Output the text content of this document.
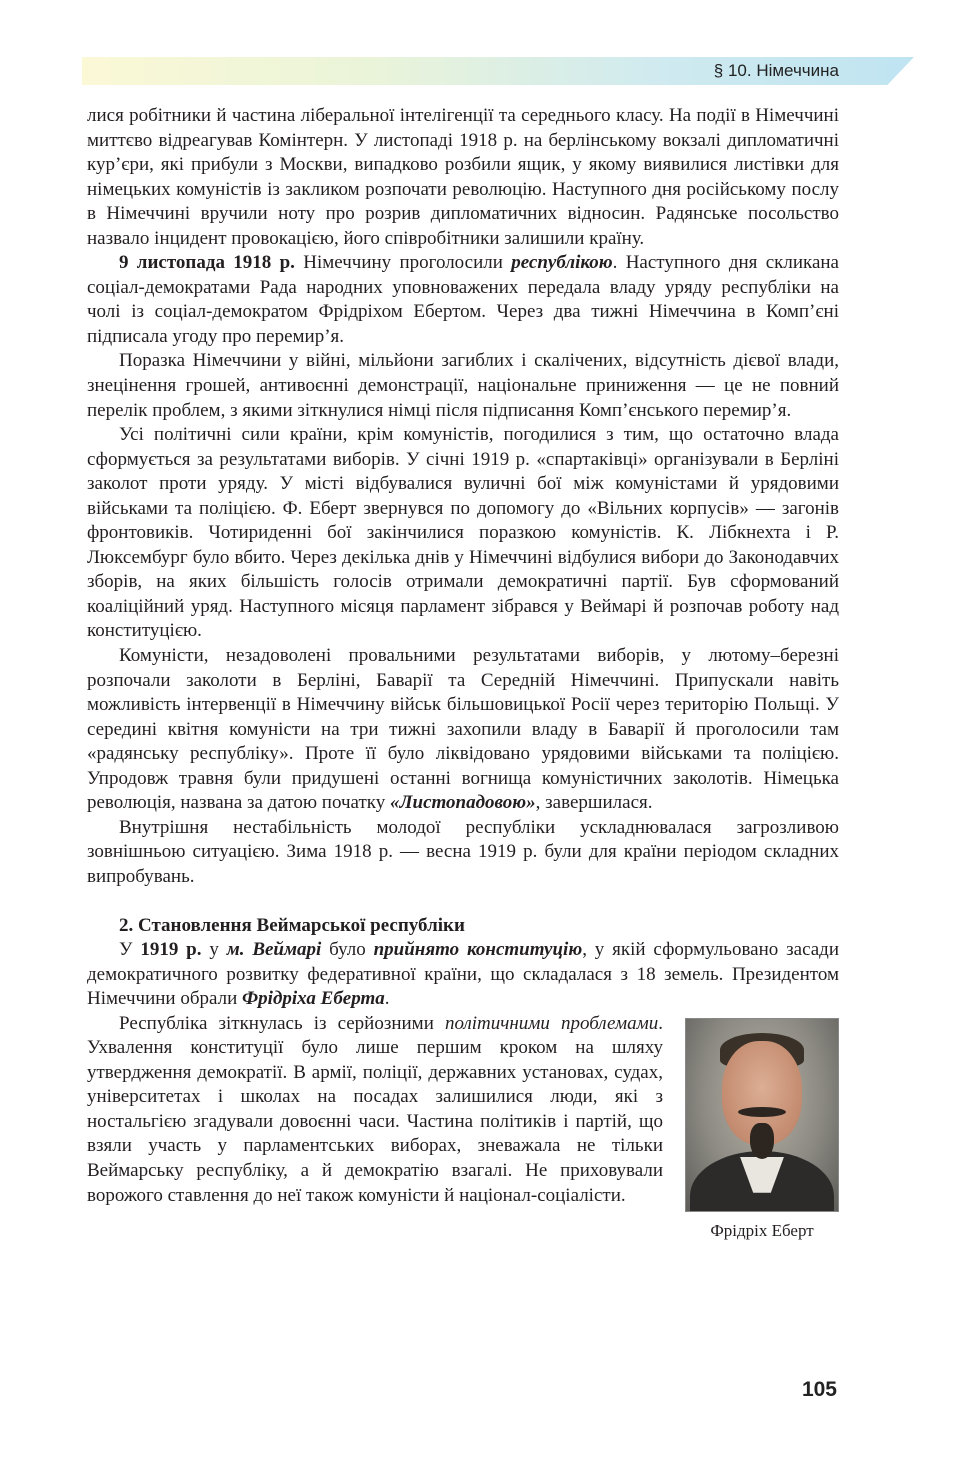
§ 10. Німеччина

лися робітники й частина ліберальної інтелігенції та середнього класу. На події в Німеччині миттєво відреагував Комінтерн. У листопаді 1918 р. на берлінському вокзалі дипломатичні кур’єри, які прибули з Москви, випадково розбили ящик, у якому виявилися листівки для німецьких комуністів із закликом розпочати революцію. Наступного дня російському послу в Німеччині вручили ноту про розрив дипломатичних відносин. Радянське посольство назвало інцидент провокацією, його співробітники залишили країну.

9 листопада 1918 р. Німеччину проголосили республікою. Наступного дня скликана соціал-демократами Рада народних уповноважених передала владу уряду республіки на чолі із соціал-демократом Фрідріхом Ебертом. Через два тижні Німеччина в Комп’єні підписала угоду про перемир’я.

Поразка Німеччини у війні, мільйони загиблих і скалічених, відсутність дієвої влади, знецінення грошей, антивоєнні демонстрації, національне приниження — це не повний перелік проблем, з якими зіткнулися німці після підписання Комп’єнського перемир’я.

Усі політичні сили країни, крім комуністів, погодилися з тим, що остаточно влада сформується за результатами виборів. У січні 1919 р. «спартаківці» організували в Берліні заколот проти уряду. У місті відбувалися вуличні бої між комуністами й урядовими військами та поліцією. Ф. Еберт звернувся по допомогу до «Вільних корпусів» — загонів фронтовиків. Чотириденні бої закінчилися поразкою комуністів. К. Лібкнехта і Р. Люксембург було вбито. Через декілька днів у Німеччині відбулися вибори до Законодавчих зборів, на яких більшість голосів отримали демократичні партії. Був сформований коаліційний уряд. Наступного місяця парламент зібрався у Веймарі й розпочав роботу над конституцією.

Комуністи, незадоволені провальними результатами виборів, у лютому–березні розпочали заколоти в Берліні, Баварії та Середній Німеччині. Припускали навіть можливість інтервенції в Німеччину військ більшовицької Росії через територію Польщі. У середині квітня комуністи на три тижні захопили владу в Баварії й проголосили там «радянську республіку». Проте її було ліквідовано урядовими військами та поліцією. Упродовж травня були придушені останні вогнища комуністичних заколотів. Німецька революція, названа за датою початку «Листопадовою», завершилася.

Внутрішня нестабільність молодої республіки ускладнювалася загрозливою зовнішньою ситуацією. Зима 1918 р. — весна 1919 р. були для країни періодом складних випробувань.

2. Становлення Веймарської республіки

У 1919 р. у м. Веймарі було прийнято конституцію, у якій сформульовано засади демократичного розвитку федеративної країни, що складалася з 18 земель. Президентом Німеччини обрали Фрідріха Еберта.

Фрідріх Еберт

Республіка зіткнулась із серйозними політичними проблемами. Ухвалення конституції було лише першим кроком на шляху утвердження демократії. В армії, поліції, державних установах, судах, університетах і школах на посадах залишилися люди, які з ностальгією згадували довоєнні часи. Частина політиків і партій, що взяли участь у парламентських виборах, зневажала не тільки Веймарську республіку, а й демократію взагалі. Не приховували ворожого ставлення до неї також комуністи й націонал-соціалісти.

105
